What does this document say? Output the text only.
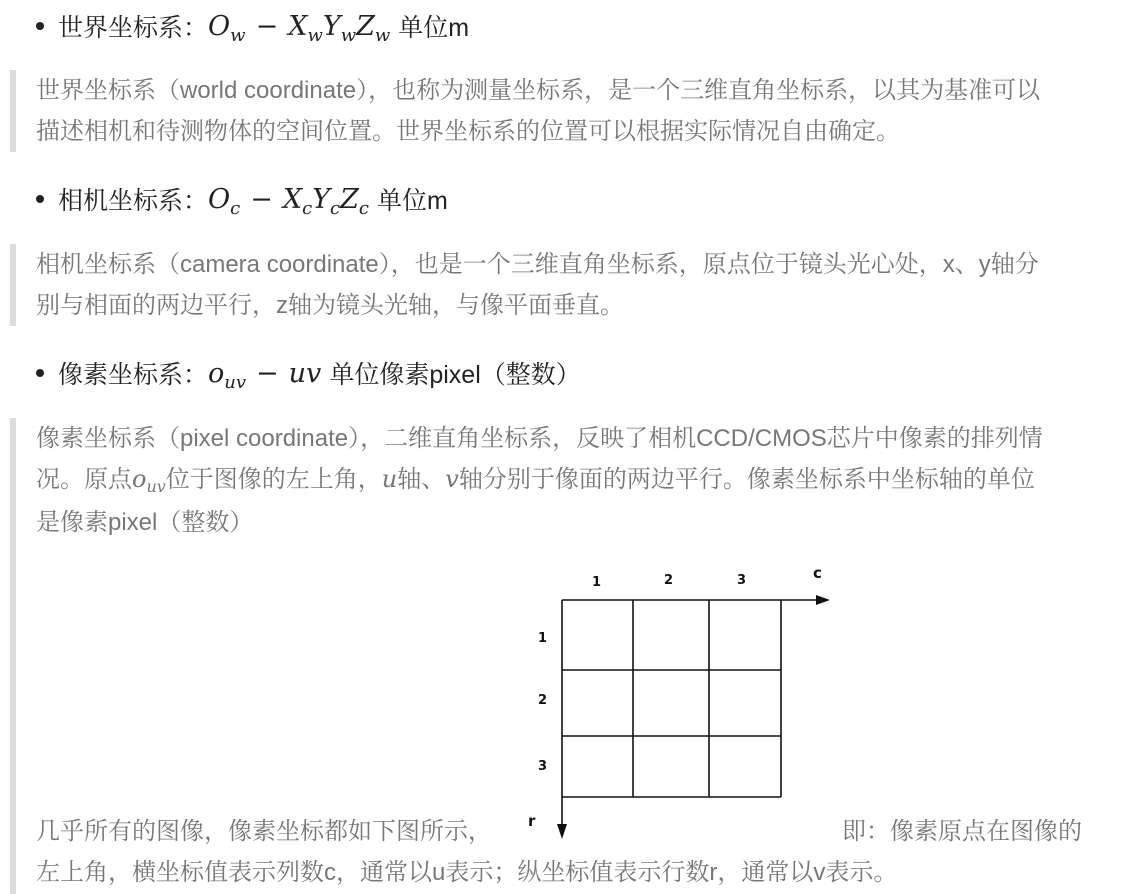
世界坐标系： $O_w - X_wY_wZ_w$ 单位m

世界坐标系（world coordinate），也称为测量坐标系，是一个三维直角坐标系，以其为基准可以

描述相机和待测物体的空间位置。世界坐标系的位置可以根据实际情况自由确定。

相机坐标系： $O_c - X_cY_cZ_c$ 单位m

相机坐标系（camera coordinate），也是一个三维直角坐标系，原点位于镜头光心处，x、y轴分

别与相面的两边平行，z轴为镜头光轴，与像平面垂直。

像素坐标系： $o_{uv}$ − uv 单位像素pixel（整数）

像素坐标系（pixel coordinate），二维直角坐标系，反映了相机CCD/CMOS芯片中像素的排列情

况。原点$o_{uv}$位于图像的左上角，u轴、v轴分别于像面的两边平行。像素坐标系中坐标轴的单位

是像素pixel（整数）

几乎所有的图像，像素坐标都如下图所示，	即：像素原点在图像的
左上角，横坐标值表示列数c，通常以u表示；纵坐标值表示行数r，通常以v表示。
1	2	3	c
1
2
3
r
